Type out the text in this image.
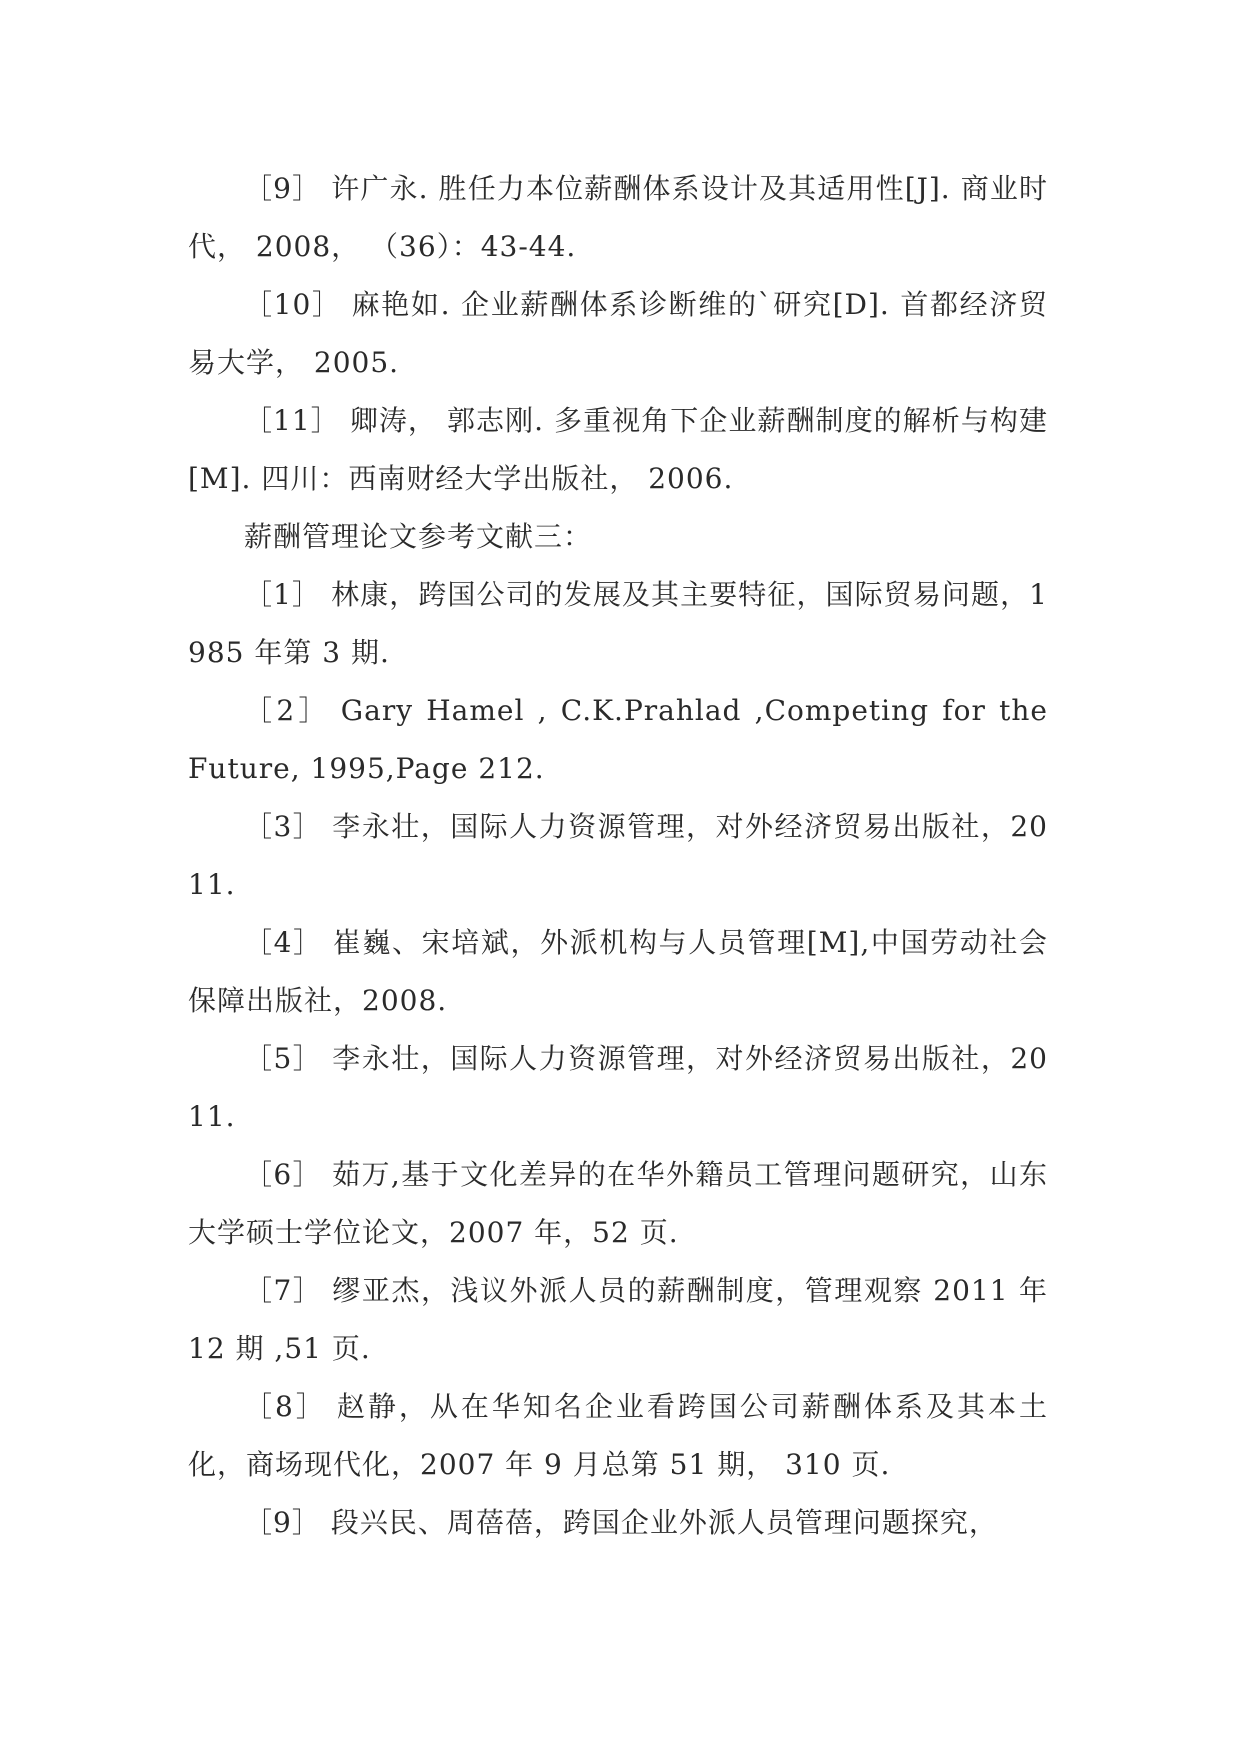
［9］ 许广永. 胜任力本位薪酬体系设计及其适用性[J]. 商业时代， 2008， （36）：43-44.

［10］ 麻艳如. 企业薪酬体系诊断维的`研究[D]. 首都经济贸易大学， 2005.

［11］ 卿涛， 郭志刚. 多重视角下企业薪酬制度的解析与构建[M]. 四川：西南财经大学出版社， 2006.

薪酬管理论文参考文献三：

［1］ 林康，跨国公司的发展及其主要特征，国际贸易问题，1985 年第 3 期.

［2］ Gary Hamel , C.K.Prahlad ,Competing for the Future, 1995,Page 212.

［3］ 李永壮，国际人力资源管理，对外经济贸易出版社，2011.

［4］ 崔巍、宋培斌，外派机构与人员管理[M],中国劳动社会保障出版社，2008.

［5］ 李永壮，国际人力资源管理，对外经济贸易出版社，2011.

［6］ 茹万,基于文化差异的在华外籍员工管理问题研究，山东大学硕士学位论文，2007 年，52 页.

［7］ 缪亚杰，浅议外派人员的薪酬制度，管理观察 2011 年 12 期 ,51 页.

［8］ 赵静，从在华知名企业看跨国公司薪酬体系及其本土化，商场现代化，2007 年 9 月总第 51 期， 310 页.

［9］ 段兴民、周蓓蓓，跨国企业外派人员管理问题探究，
